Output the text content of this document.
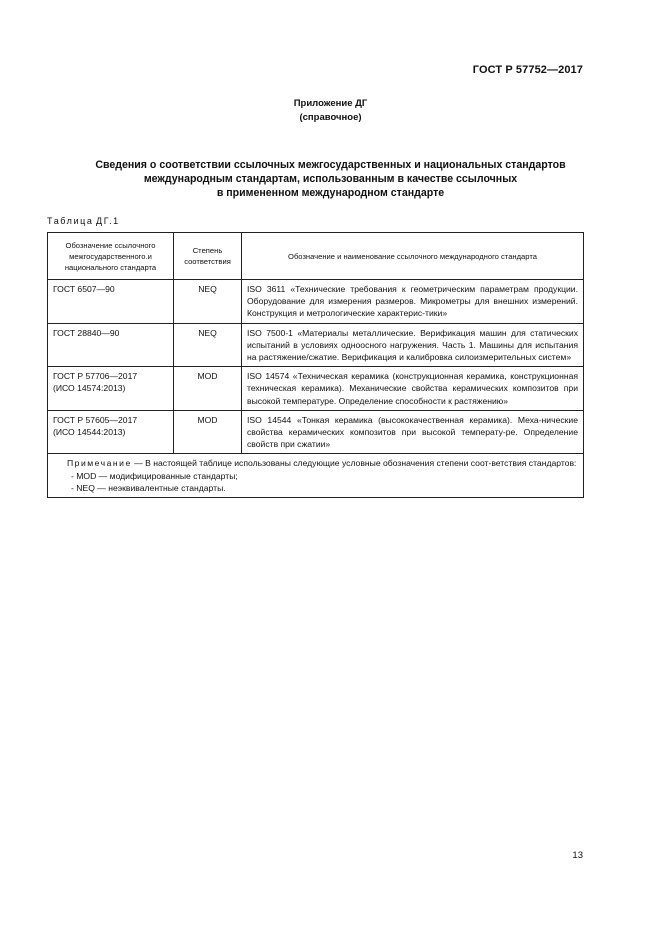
ГОСТ Р 57752—2017
Приложение ДГ
(справочное)
Сведения о соответствии ссылочных межгосударственных и национальных стандартов
международным стандартам, использованным в качестве ссылочных
в примененном международном стандарте
Таблица ДГ.1
Обозначение ссылочного межгосударственного.и национального стандарта	Степень соответствия	Обозначение и наименование ссылочного международного стандарта

ГОСТ 6507—90	NEQ	ISO 3611 «Технические требования к геометрическим параметрам продукции. Оборудование для измерения размеров. Микрометры для внешних измерений. Конструкция и метрологические характерис-тики»

ГОСТ 28840—90	NEQ	ISO 7500-1 «Материалы металлические. Верификация машин для статических испытаний в условиях одноосного нагружения. Часть 1. Машины для испытания на растяжение/сжатие. Верификация и калибровка силоизмерительных систем»

ГОСТ Р 57706—2017
(ИСО 14574:2013)	MOD	ISO 14574 «Техническая керамика (конструкционная керамика, конструкционная техническая керамика). Механические свойства керамических композитов при высокой температуре. Определение способности к растяжению»

ГОСТ Р 57605—2017
(ИСО 14544:2013)	MOD	ISO 14544 «Тонкая керамика (высококачественная керамика). Меха-нические свойства керамических композитов при высокой температу-ре. Определение свойств при сжатии»

Примечание — В настоящей таблице использованы следующие условные обозначения степени соот-ветствия стандартов:
- MOD — модифицированные стандарты;
- NEQ — неэквивалентные стандарты.		
13
